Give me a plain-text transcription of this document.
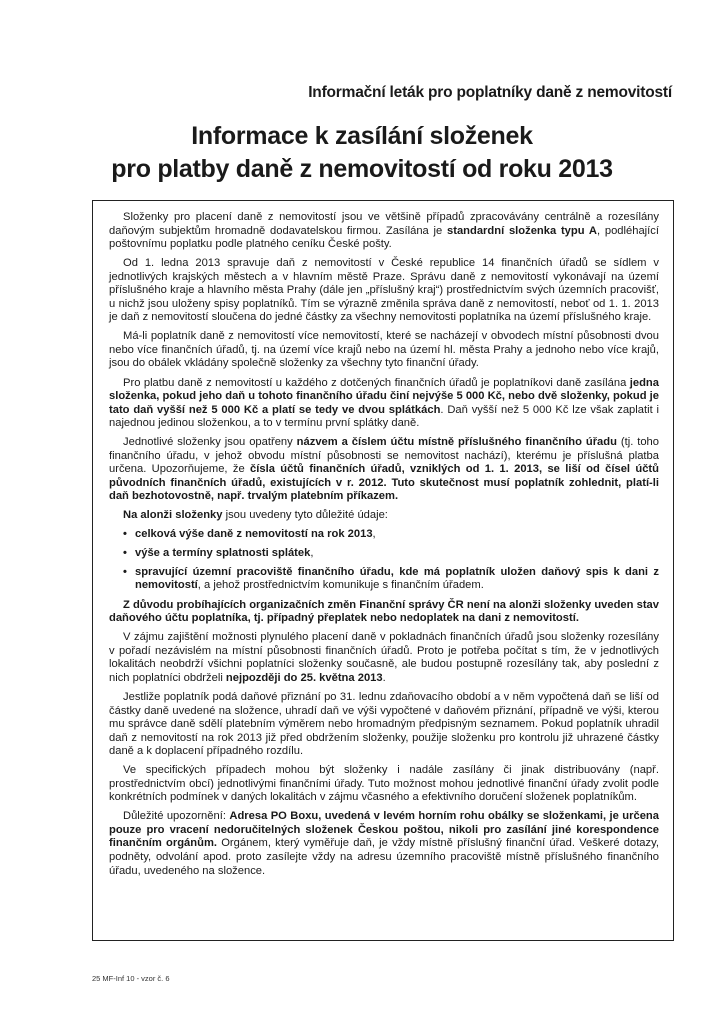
Informační leták pro poplatníky daně z nemovitostí
Informace k zasílání složenek
pro platby daně z nemovitostí od roku 2013

Složenky pro placení daně z nemovitostí jsou ve většině případů zpracovávány centrálně a rozesílány daňovým subjektům hromadně dodavatelskou firmou. Zasílána je standardní složenka typu A, podléhající poštovnímu poplatku podle platného ceníku České pošty.

Od 1. ledna 2013 spravuje daň z nemovitostí v České republice 14 finančních úřadů se sídlem v jednotlivých krajských městech a v hlavním městě Praze. Správu daně z nemovitostí vykonávají na území příslušného kraje a hlavního města Prahy (dále jen „příslušný kraj“) prostřednictvím svých územních pracovišť, u nichž jsou uloženy spisy poplatníků. Tím se výrazně změnila správa daně z nemovitostí, neboť od 1. 1. 2013 je daň z nemovitostí sloučena do jedné částky za všechny nemovitosti poplatníka na území příslušného kraje.

Má-li poplatník daně z nemovitostí více nemovitostí, které se nacházejí v obvodech místní působnosti dvou nebo více finančních úřadů, tj. na území více krajů nebo na území hl. města Prahy a jednoho nebo více krajů, jsou do obálek vkládány společně složenky za všechny tyto finanční úřady.

Pro platbu daně z nemovitostí u každého z dotčených finančních úřadů je poplatníkovi daně zasílána jedna složenka, pokud jeho daň u tohoto finančního úřadu činí nejvýše 5 000 Kč, nebo dvě složenky, pokud je tato daň vyšší než 5 000 Kč a platí se tedy ve dvou splátkách. Daň vyšší než 5 000 Kč lze však zaplatit i najednou jedinou složenkou, a to v termínu první splátky daně.

Jednotlivé složenky jsou opatřeny názvem a číslem účtu místně příslušného finančního úřadu (tj. toho finančního úřadu, v jehož obvodu místní působnosti se nemovitost nachází), kterému je příslušná platba určena. Upozorňujeme, že čísla účtů finančních úřadů, vzniklých od 1. 1. 2013, se liší od čísel účtů původních finančních úřadů, existujících v r. 2012. Tuto skutečnost musí poplatník zohlednit, platí-li daň bezhotovostně, např. trvalým platebním příkazem.

Na alonži složenky jsou uvedeny tyto důležité údaje:

• celková výše daně z nemovitostí na rok 2013,
• výše a termíny splatnosti splátek,
• spravující územní pracoviště finančního úřadu, kde má poplatník uložen daňový spis k dani z nemovitostí, a jehož prostřednictvím komunikuje s finančním úřadem.

Z důvodu probíhajících organizačních změn Finanční správy ČR není na alonži složenky uveden stav daňového účtu poplatníka, tj. případný přeplatek nebo nedoplatek na dani z nemovitostí.

V zájmu zajištění možnosti plynulého placení daně v pokladnách finančních úřadů jsou složenky rozesílány v pořadí nezávislém na místní působnosti finančních úřadů. Proto je potřeba počítat s tím, že v jednotlivých lokalitách neobdrží všichni poplatníci složenky současně, ale budou postupně rozesílány tak, aby poslední z nich poplatníci obdrželi nejpozději do 25. května 2013.

Jestliže poplatník podá daňové přiznání po 31. lednu zdaňovacího období a v něm vypočtená daň se liší od částky daně uvedené na složence, uhradí daň ve výši vypočtené v daňovém přiznání, případně ve výši, kterou mu správce daně sdělí platebním výměrem nebo hromadným předpisným seznamem. Pokud poplatník uhradil daň z nemovitostí na rok 2013 již před obdržením složenky, použije složenku pro kontrolu již uhrazené částky daně a k doplacení případného rozdílu.

Ve specifických případech mohou být složenky i nadále zasílány či jinak distribuovány (např. prostřednictvím obcí) jednotlivými finančními úřady. Tuto možnost mohou jednotlivé finanční úřady zvolit podle konkrétních podmínek v daných lokalitách v zájmu včasného a efektivního doručení složenek poplatníkům.

Důležité upozornění: Adresa PO Boxu, uvedená v levém horním rohu obálky se složenkami, je určena pouze pro vracení nedoručitelných složenek Českou poštou, nikoli pro zasílání jiné korespondence finančním orgánům. Orgánem, který vyměřuje daň, je vždy místně příslušný finanční úřad. Veškeré dotazy, podněty, odvolání apod. proto zasílejte vždy na adresu územního pracoviště místně příslušného finančního úřadu, uvedeného na složence.

25 MF-Inf 10 - vzor č. 6
